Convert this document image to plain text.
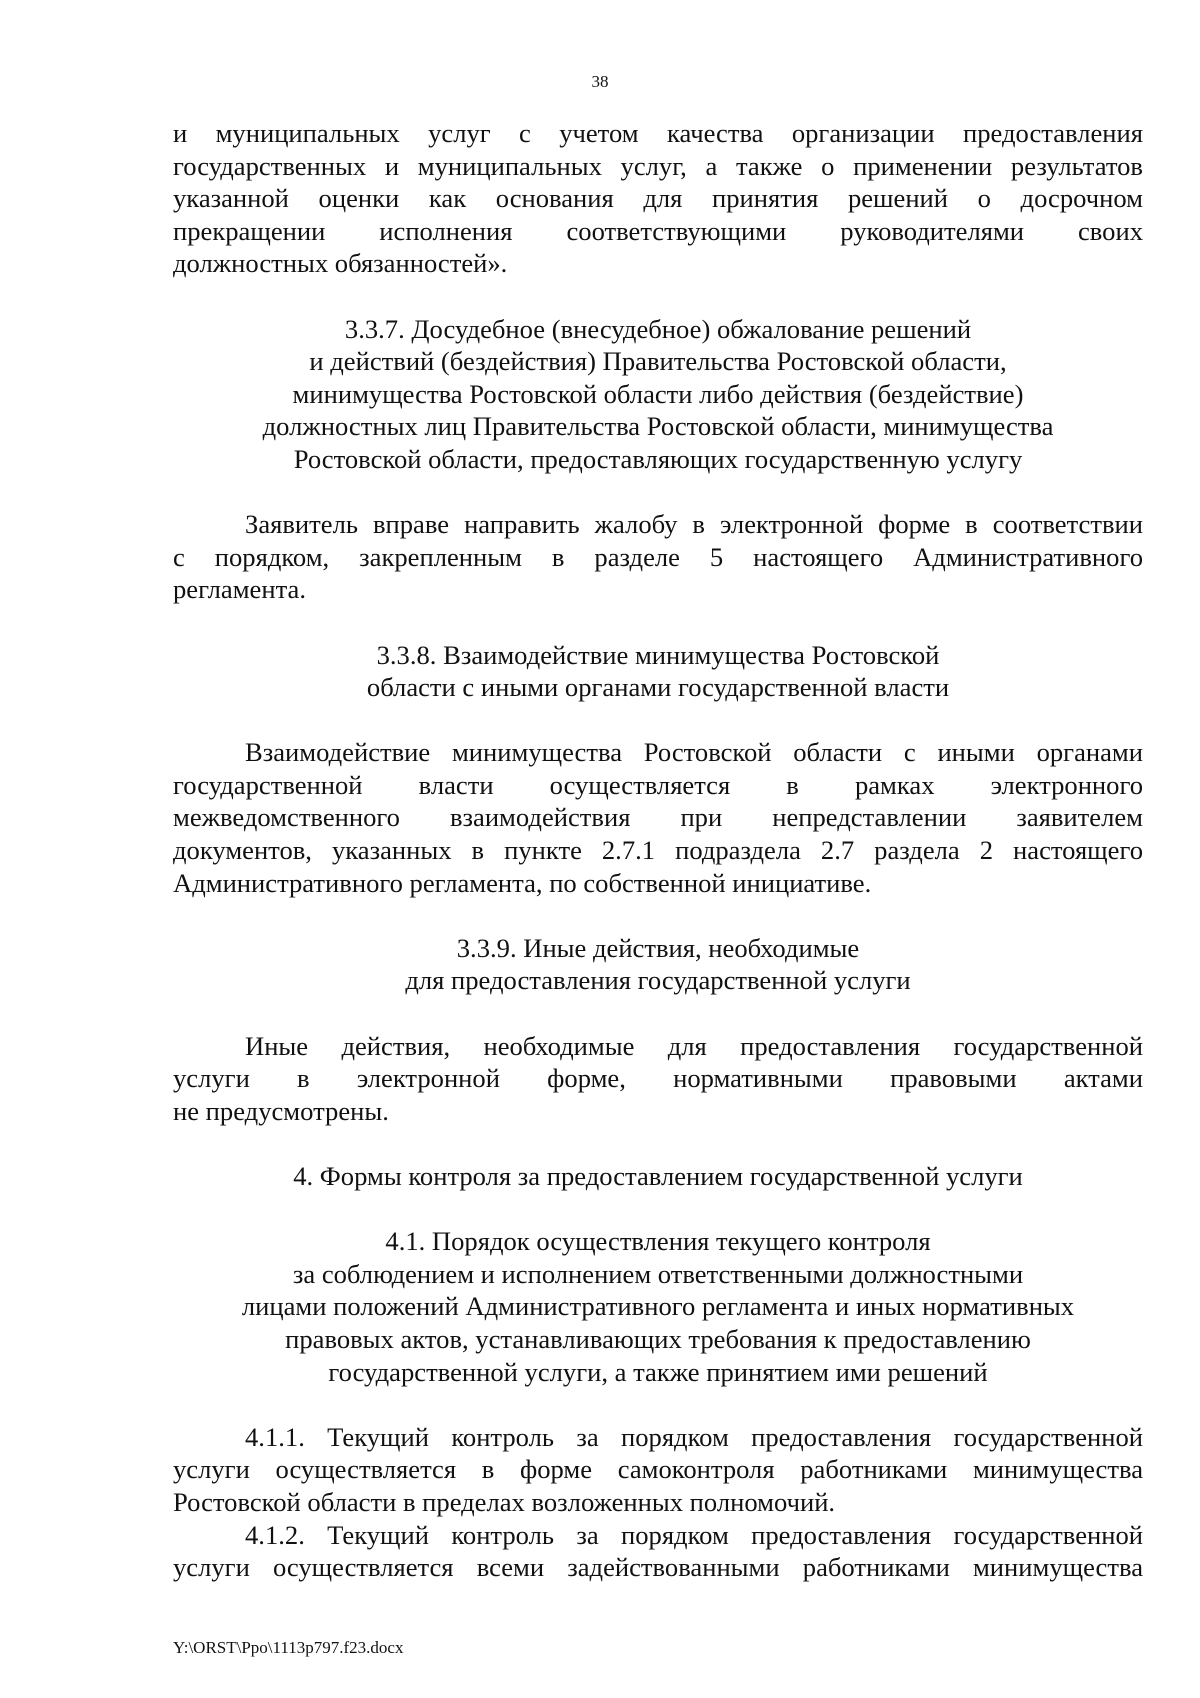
38
и муниципальных услуг с учетом качества организации предоставления
государственных и муниципальных услуг, а также о применении результатов
указанной оценки как основания для принятия решений о досрочном
прекращении исполнения соответствующими руководителями своих
должностных обязанностей».
3.3.7. Досудебное (внесудебное) обжалование решений
и действий (бездействия) Правительства Ростовской области,
минимущества Ростовской области либо действия (бездействие)
должностных лиц Правительства Ростовской области, минимущества
Ростовской области, предоставляющих государственную услугу
Заявитель вправе направить жалобу в электронной форме в соответствии
с порядком, закрепленным в разделе 5 настоящего Административного
регламента.
3.3.8. Взаимодействие минимущества Ростовской
области с иными органами государственной власти
Взаимодействие минимущества Ростовской области с иными органами
государственной власти осуществляется в рамках электронного
межведомственного взаимодействия при непредставлении заявителем
документов, указанных в пункте 2.7.1 подраздела 2.7 раздела 2 настоящего
Административного регламента, по собственной инициативе.
3.3.9. Иные действия, необходимые
для предоставления государственной услуги
Иные действия, необходимые для предоставления государственной
услуги в электронной форме, нормативными правовыми актами
не предусмотрены.
4. Формы контроля за предоставлением государственной услуги
4.1. Порядок осуществления текущего контроля
за соблюдением и исполнением ответственными должностными
лицами положений Административного регламента и иных нормативных
правовых актов, устанавливающих требования к предоставлению
государственной услуги, а также принятием ими решений
4.1.1. Текущий контроль за порядком предоставления государственной
услуги осуществляется в форме самоконтроля работниками минимущества
Ростовской области в пределах возложенных полномочий.
4.1.2. Текущий контроль за порядком предоставления государственной
услуги осуществляется всеми задействованными работниками минимущества
Y:\ORST\Ppo\1113p797.f23.docx
